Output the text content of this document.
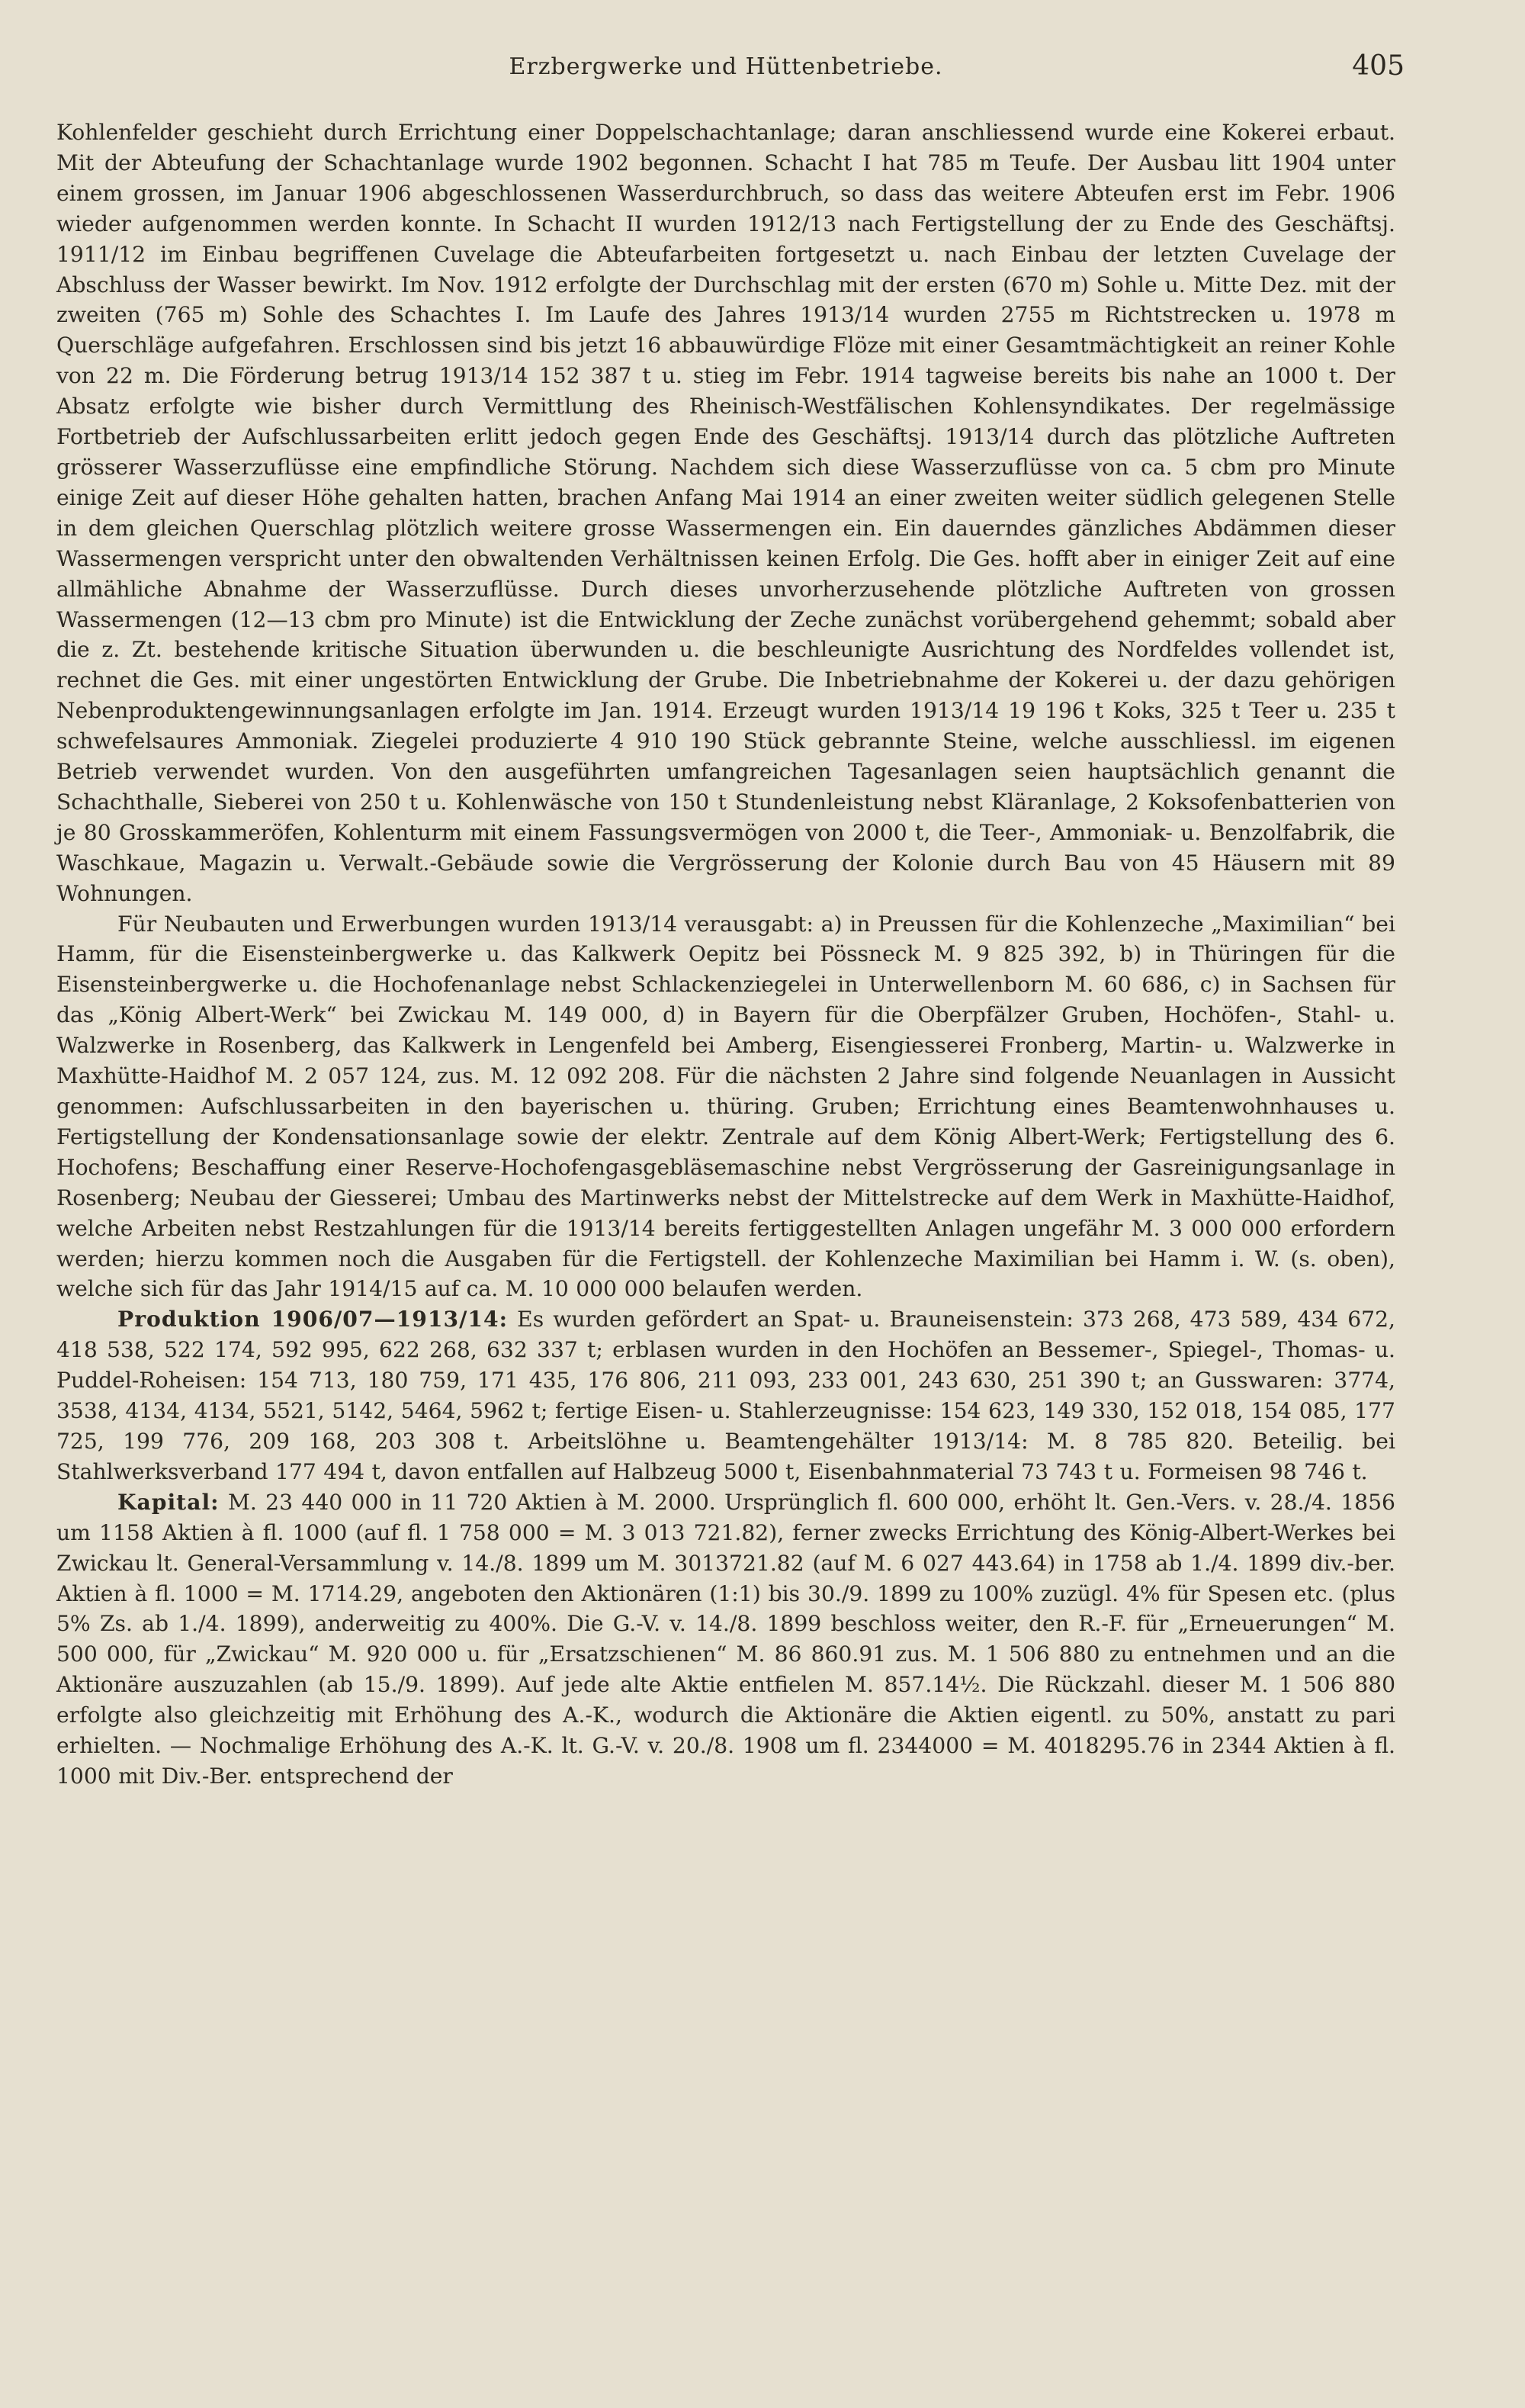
Erzbergwerke und Hüttenbetriebe.	405

Kohlenfelder geschieht durch Errichtung einer Doppelschachtanlage; daran anschliessend wurde eine Kokerei erbaut. Mit der Abteufung der Schachtanlage wurde 1902 begonnen. Schacht I hat 785 m Teufe. Der Ausbau litt 1904 unter einem grossen, im Januar 1906 abgeschlossenen Wasserdurchbruch, so dass das weitere Abteufen erst im Febr. 1906 wieder aufgenommen werden konnte. In Schacht II wurden 1912/13 nach Fertigstellung der zu Ende des Geschäftsj. 1911/12 im Einbau begriffenen Cuvelage die Abteufarbeiten fortgesetzt u. nach Einbau der letzten Cuvelage der Abschluss der Wasser bewirkt. Im Nov. 1912 erfolgte der Durchschlag mit der ersten (670 m) Sohle u. Mitte Dez. mit der zweiten (765 m) Sohle des Schachtes I. Im Laufe des Jahres 1913/14 wurden 2755 m Richtstrecken u. 1978 m Querschläge aufgefahren. Erschlossen sind bis jetzt 16 abbauwürdige Flöze mit einer Gesamtmächtigkeit an reiner Kohle von 22 m. Die Förderung betrug 1913/14 152 387 t u. stieg im Febr. 1914 tagweise bereits bis nahe an 1000 t. Der Absatz erfolgte wie bisher durch Vermittlung des Rheinisch-Westfälischen Kohlensyndikates. Der regelmässige Fortbetrieb der Aufschlussarbeiten erlitt jedoch gegen Ende des Geschäftsj. 1913/14 durch das plötzliche Auftreten grösserer Wasserzuflüsse eine empfindliche Störung. Nachdem sich diese Wasserzuflüsse von ca. 5 cbm pro Minute einige Zeit auf dieser Höhe gehalten hatten, brachen Anfang Mai 1914 an einer zweiten weiter südlich gelegenen Stelle in dem gleichen Querschlag plötzlich weitere grosse Wassermengen ein. Ein dauerndes gänzliches Abdämmen dieser Wassermengen verspricht unter den obwaltenden Verhältnissen keinen Erfolg. Die Ges. hofft aber in einiger Zeit auf eine allmähliche Abnahme der Wasserzuflüsse. Durch dieses unvorherzusehende plötzliche Auftreten von grossen Wassermengen (12—13 cbm pro Minute) ist die Entwicklung der Zeche zunächst vorübergehend gehemmt; sobald aber die z. Zt. bestehende kritische Situation überwunden u. die beschleunigte Ausrichtung des Nordfeldes vollendet ist, rechnet die Ges. mit einer ungestörten Entwicklung der Grube. Die Inbetriebnahme der Kokerei u. der dazu gehörigen Nebenproduktengewinnungsanlagen erfolgte im Jan. 1914. Erzeugt wurden 1913/14 19 196 t Koks, 325 t Teer u. 235 t schwefelsaures Ammoniak. Ziegelei produzierte 4 910 190 Stück gebrannte Steine, welche ausschliessl. im eigenen Betrieb verwendet wurden. Von den ausgeführten umfangreichen Tagesanlagen seien hauptsächlich genannt die Schachthalle, Sieberei von 250 t u. Kohlenwäsche von 150 t Stundenleistung nebst Kläranlage, 2 Koksofenbatterien von je 80 Grosskammeröfen, Kohlenturm mit einem Fassungsvermögen von 2000 t, die Teer-, Ammoniak- u. Benzolfabrik, die Waschkaue, Magazin u. Verwalt.-Gebäude sowie die Vergrösserung der Kolonie durch Bau von 45 Häusern mit 89 Wohnungen.

Für Neubauten und Erwerbungen wurden 1913/14 verausgabt: a) in Preussen für die Kohlenzeche „Maximilian“ bei Hamm, für die Eisensteinbergwerke u. das Kalkwerk Oepitz bei Pössneck M. 9 825 392, b) in Thüringen für die Eisensteinbergwerke u. die Hochofenanlage nebst Schlackenziegelei in Unterwellenborn M. 60 686, c) in Sachsen für das „König Albert-Werk“ bei Zwickau M. 149 000, d) in Bayern für die Oberpfälzer Gruben, Hochöfen-, Stahl- u. Walzwerke in Rosenberg, das Kalkwerk in Lengenfeld bei Amberg, Eisengiesserei Fronberg, Martin- u. Walzwerke in Maxhütte-Haidhof M. 2 057 124, zus. M. 12 092 208. Für die nächsten 2 Jahre sind folgende Neuanlagen in Aussicht genommen: Aufschlussarbeiten in den bayerischen u. thüring. Gruben; Errichtung eines Beamtenwohnhauses u. Fertigstellung der Kondensationsanlage sowie der elektr. Zentrale auf dem König Albert-Werk; Fertigstellung des 6. Hochofens; Beschaffung einer Reserve-Hochofengasgebläsemaschine nebst Vergrösserung der Gasreinigungsanlage in Rosenberg; Neubau der Giesserei; Umbau des Martinwerks nebst der Mittelstrecke auf dem Werk in Maxhütte-Haidhof, welche Arbeiten nebst Restzahlungen für die 1913/14 bereits fertiggestellten Anlagen ungefähr M. 3 000 000 erfordern werden; hierzu kommen noch die Ausgaben für die Fertigstell. der Kohlenzeche Maximilian bei Hamm i. W. (s. oben), welche sich für das Jahr 1914/15 auf ca. M. 10 000 000 belaufen werden.

Produktion 1906/07—1913/14: Es wurden gefördert an Spat- u. Brauneisenstein: 373 268, 473 589, 434 672, 418 538, 522 174, 592 995, 622 268, 632 337 t; erblasen wurden in den Hochöfen an Bessemer-, Spiegel-, Thomas- u. Puddel-Roheisen: 154 713, 180 759, 171 435, 176 806, 211 093, 233 001, 243 630, 251 390 t; an Gusswaren: 3774, 3538, 4134, 4134, 5521, 5142, 5464, 5962 t; fertige Eisen- u. Stahlerzeugnisse: 154 623, 149 330, 152 018, 154 085, 177 725, 199 776, 209 168, 203 308 t. Arbeitslöhne u. Beamtengehälter 1913/14: M. 8 785 820. Beteilig. bei Stahlwerksverband 177 494 t, davon entfallen auf Halbzeug 5000 t, Eisenbahnmaterial 73 743 t u. Formeisen 98 746 t.

Kapital: M. 23 440 000 in 11 720 Aktien à M. 2000. Ursprünglich fl. 600 000, erhöht lt. Gen.-Vers. v. 28./4. 1856 um 1158 Aktien à fl. 1000 (auf fl. 1 758 000 = M. 3 013 721.82), ferner zwecks Errichtung des König-Albert-Werkes bei Zwickau lt. General-Versammlung v. 14./8. 1899 um M. 3013721.82 (auf M. 6 027 443.64) in 1758 ab 1./4. 1899 div.-ber. Aktien à fl. 1000 = M. 1714.29, angeboten den Aktionären (1:1) bis 30./9. 1899 zu 100% zuzügl. 4% für Spesen etc. (plus 5% Zs. ab 1./4. 1899), anderweitig zu 400%. Die G.-V. v. 14./8. 1899 beschloss weiter, den R.-F. für „Erneuerungen“ M. 500 000, für „Zwickau“ M. 920 000 u. für „Ersatzschienen“ M. 86 860.91 zus. M. 1 506 880 zu entnehmen und an die Aktionäre auszuzahlen (ab 15./9. 1899). Auf jede alte Aktie entfielen M. 857.14½. Die Rückzahl. dieser M. 1 506 880 erfolgte also gleichzeitig mit Erhöhung des A.-K., wodurch die Aktionäre die Aktien eigentl. zu 50%, anstatt zu pari erhielten. — Nochmalige Erhöhung des A.-K. lt. G.-V. v. 20./8. 1908 um fl. 2344000 = M. 4018295.76 in 2344 Aktien à fl. 1000 mit Div.-Ber. entsprechend der
